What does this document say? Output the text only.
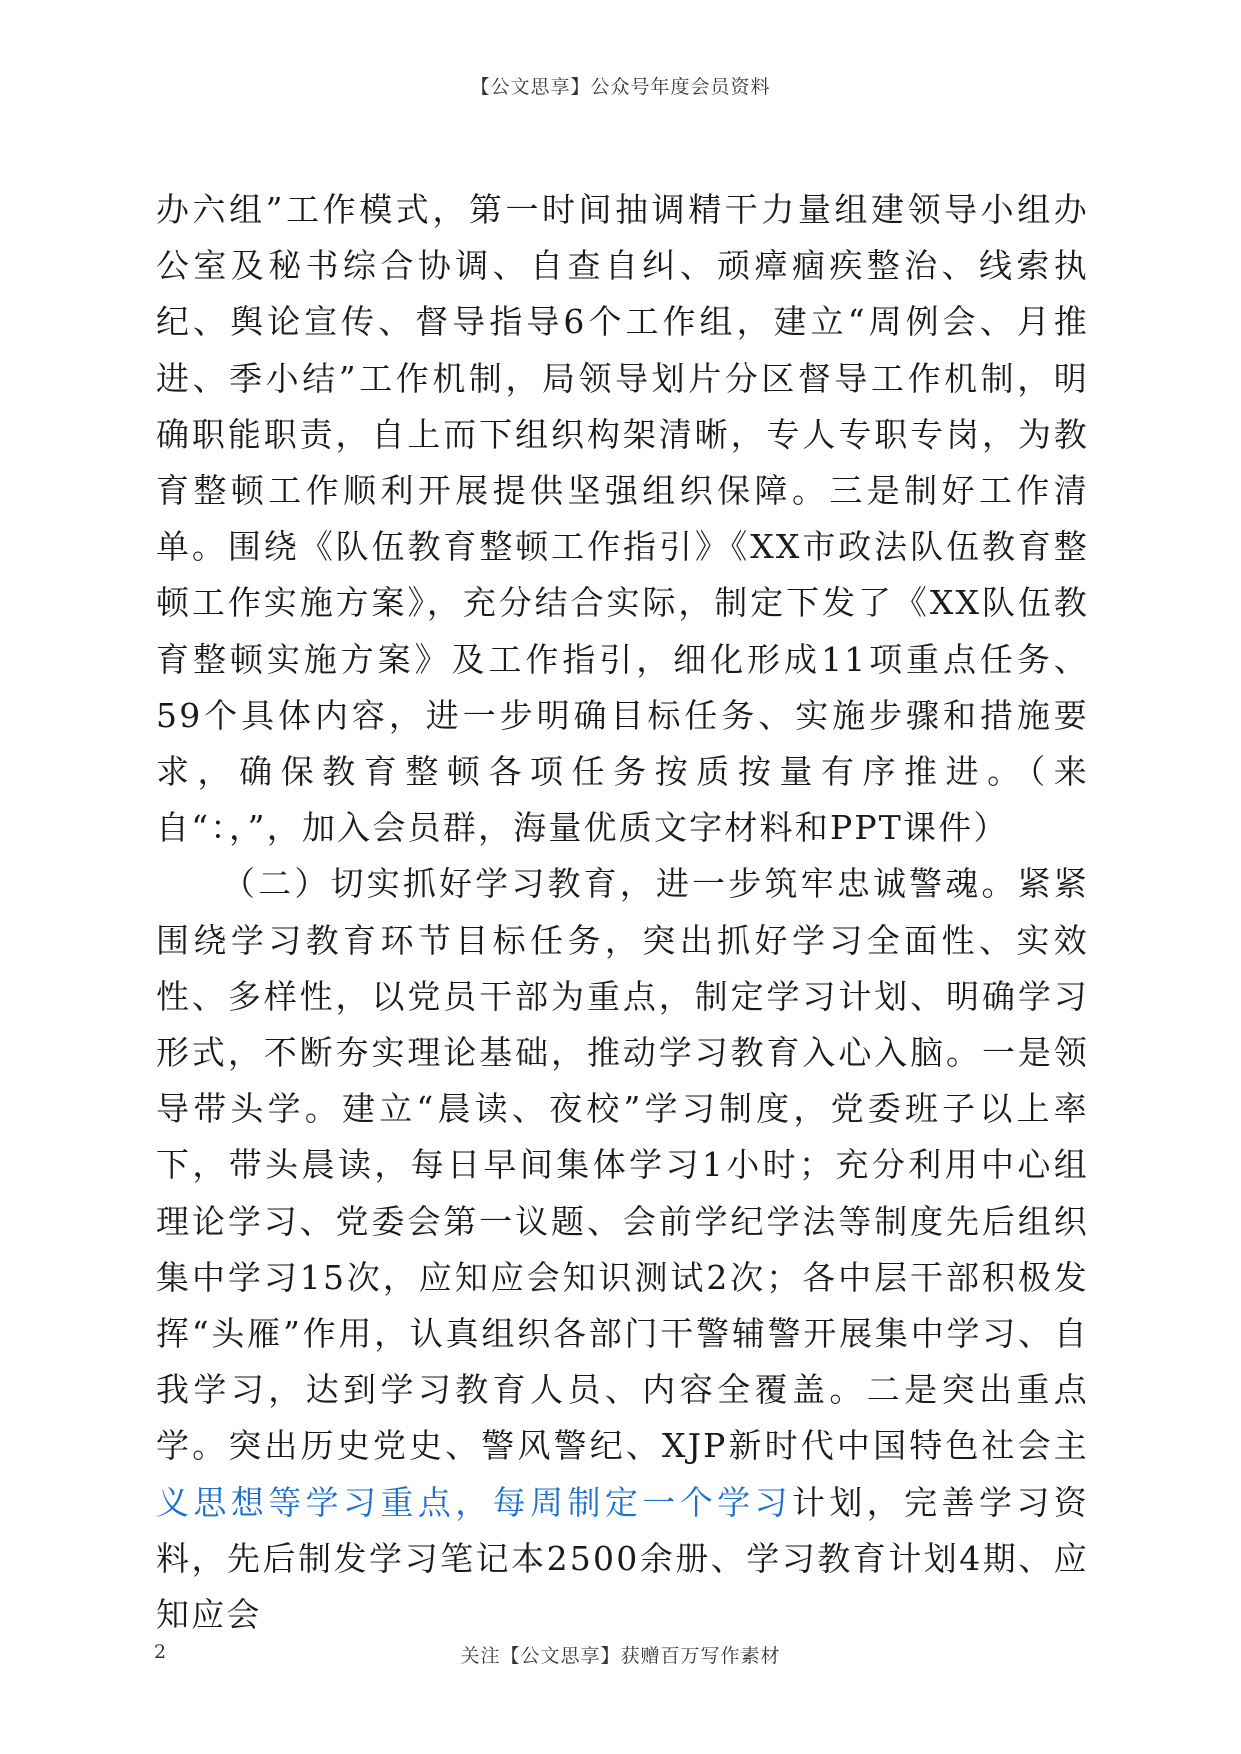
【公文思享】公众号年度会员资料

办六组”工作模式，第一时间抽调精干力量组建领导小组办公室及秘书综合协调、自查自纠、顽瘴痼疾整治、线索执纪、舆论宣传、督导指导6个工作组，建立“周例会、月推进、季小结”工作机制，局领导划片分区督导工作机制，明确职能职责，自上而下组织构架清晰，专人专职专岗，为教育整顿工作顺利开展提供坚强组织保障。三是制好工作清单。围绕《队伍教育整顿工作指引》《XX市政法队伍教育整顿工作实施方案》，充分结合实际，制定下发了《XX队伍教育整顿实施方案》及工作指引，细化形成11项重点任务、59个具体内容，进一步明确目标任务、实施步骤和措施要求，确保教育整顿各项任务按质按量有序推进。（来自“：，”，加入会员群，海量优质文字材料和PPT课件）

（二）切实抓好学习教育，进一步筑牢忠诚警魂。紧紧围绕学习教育环节目标任务，突出抓好学习全面性、实效性、多样性，以党员干部为重点，制定学习计划、明确学习形式，不断夯实理论基础，推动学习教育入心入脑。一是领导带头学。建立“晨读、夜校”学习制度，党委班子以上率下，带头晨读，每日早间集体学习1小时；充分利用中心组理论学习、党委会第一议题、会前学纪学法等制度先后组织集中学习15次，应知应会知识测试2次；各中层干部积极发挥“头雁”作用，认真组织各部门干警辅警开展集中学习、自我学习，达到学习教育人员、内容全覆盖。二是突出重点学。突出历史党史、警风警纪、XJP新时代中国特色社会主义思想等学习重点，每周制定一个学习计划，完善学习资料，先后制发学习笔记本2500余册、学习教育计划4期、应知应会

2	关注【公文思享】获赠百万写作素材
